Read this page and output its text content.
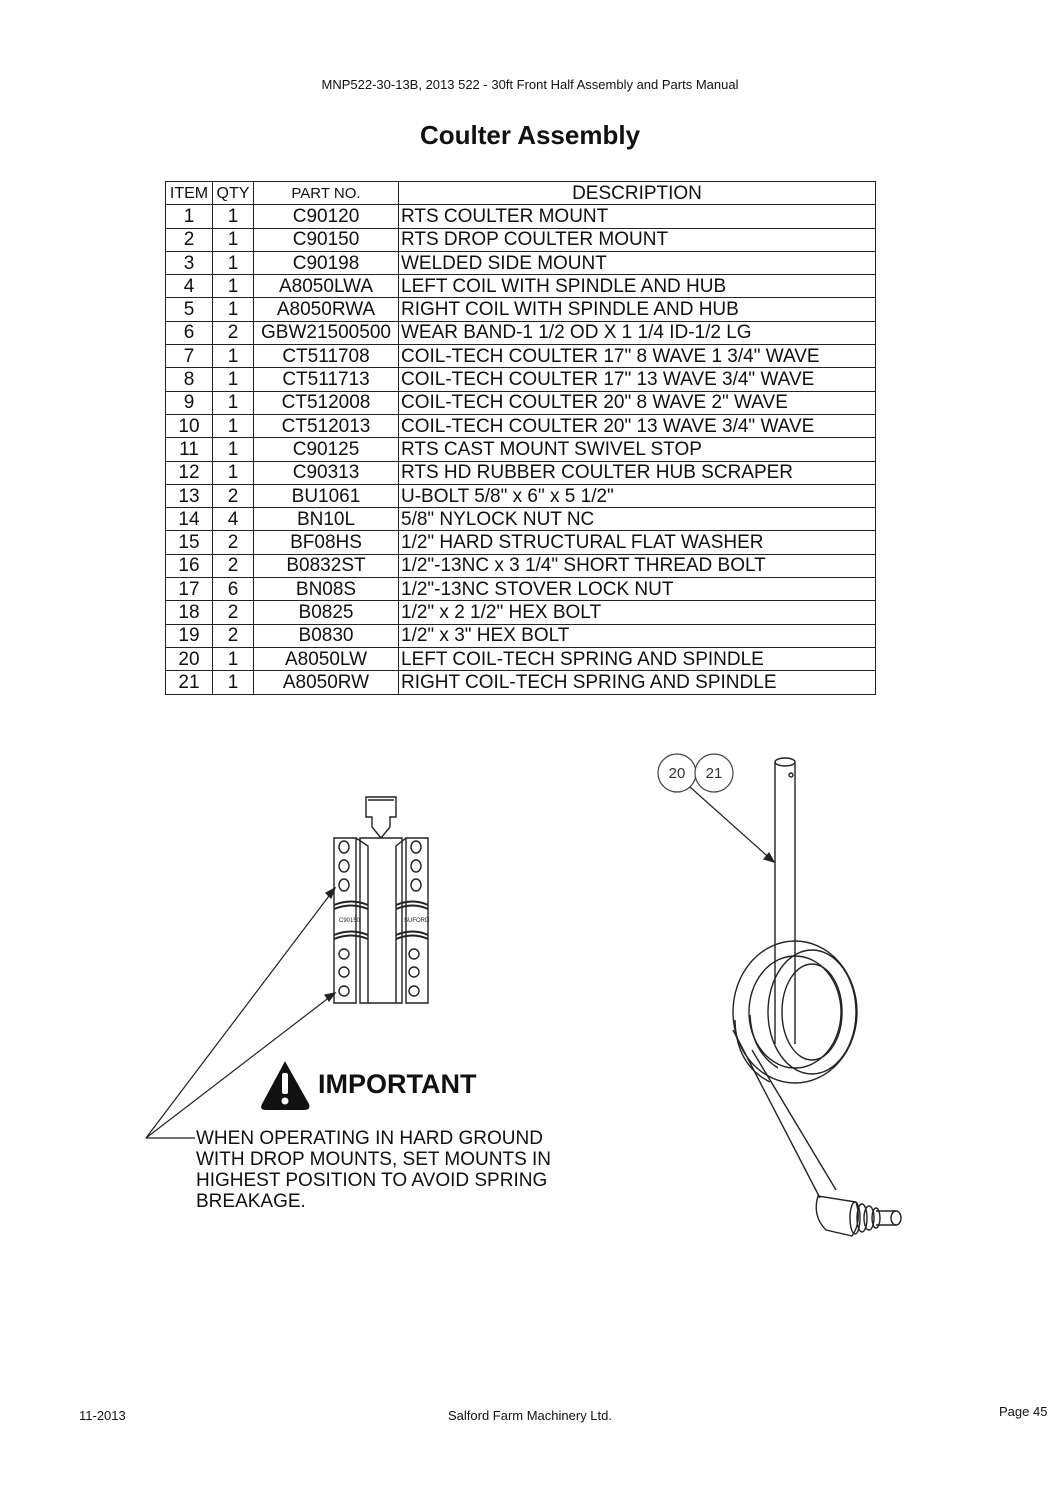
MNP522-30-13B, 2013 522 - 30ft Front Half Assembly and Parts Manual
Coulter Assembly
ITEM	QTY	PART NO.	DESCRIPTION
1	1	C90120	RTS COULTER MOUNT
2	1	C90150	RTS DROP COULTER MOUNT
3	1	C90198	WELDED SIDE MOUNT
4	1	A8050LWA	LEFT COIL WITH SPINDLE AND HUB
5	1	A8050RWA	RIGHT COIL WITH SPINDLE AND HUB
6	2	GBW21500500	WEAR BAND-1 1/2 OD X 1 1/4 ID-1/2 LG
7	1	CT511708	COIL-TECH COULTER 17" 8 WAVE 1 3/4" WAVE
8	1	CT511713	COIL-TECH COULTER 17" 13 WAVE 3/4" WAVE
9	1	CT512008	COIL-TECH COULTER 20" 8 WAVE 2" WAVE
10	1	CT512013	COIL-TECH COULTER 20" 13 WAVE 3/4" WAVE
11	1	C90125	RTS CAST MOUNT SWIVEL STOP
12	1	C90313	RTS HD RUBBER COULTER HUB SCRAPER
13	2	BU1061	U-BOLT 5/8" x 6" x 5 1/2"
14	4	BN10L	5/8" NYLOCK NUT NC
15	2	BF08HS	1/2" HARD STRUCTURAL FLAT WASHER
16	2	B0832ST	1/2"-13NC x 3 1/4" SHORT THREAD BOLT
17	6	BN08S	1/2"-13NC STOVER LOCK NUT
18	2	B0825	1/2" x 2 1/2" HEX BOLT
19	2	B0830	1/2" x 3" HEX BOLT
20	1	A8050LW	LEFT COIL-TECH SPRING AND SPINDLE
21	1	A8050RW	RIGHT COIL-TECH SPRING AND SPINDLE
C90150	SUFORD
20 21
IMPORTANT
WHEN OPERATING IN HARD GROUND
WITH DROP MOUNTS, SET MOUNTS IN
HIGHEST POSITION TO AVOID SPRING
BREAKAGE.
11-2013	Salford Farm Machinery Ltd.	Page 45
